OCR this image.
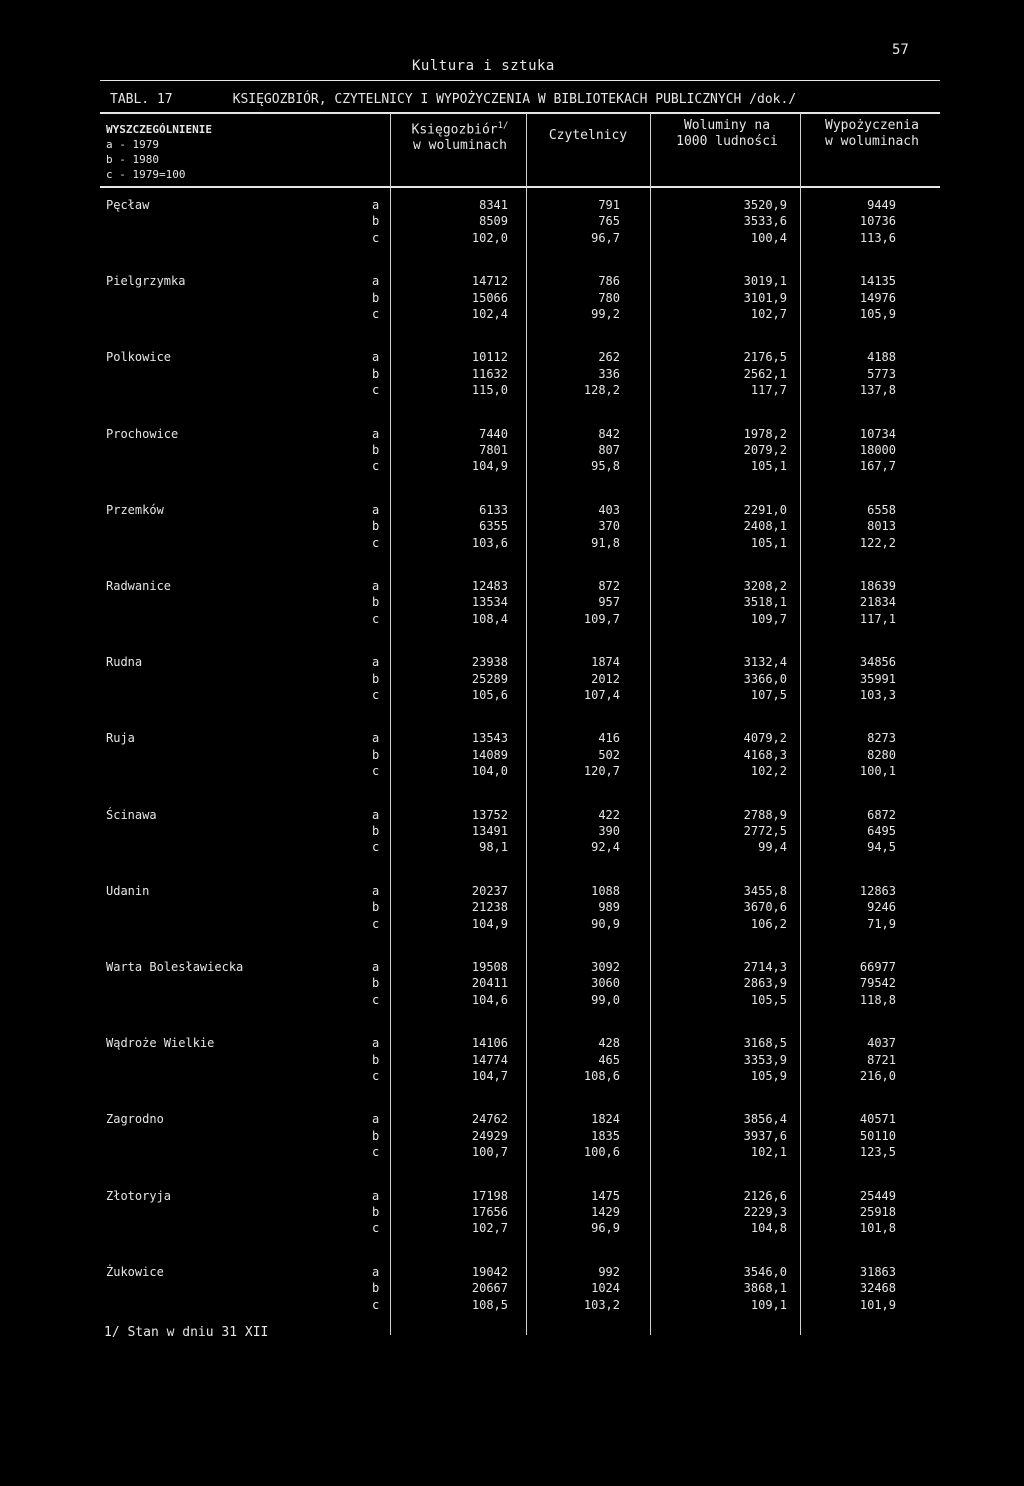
Kultura i sztuka
57
TABL. 17	KSIĘGOZBIÓR, CZYTELNICY I WYPOŻYCZENIA W BIBLIOTEKACH PUBLICZNYCH /dok./
WYSZCZEGÓLNIENIE
a - 1979
b - 1980
c - 1979=100
Księgozbiór$^{1/}$
w woluminach
Czytelnicy
Woluminy na
1000 ludności
Wypożyczenia
w woluminach
Pęcław	a	8341	791	3520,9	9449
b	8509	765	3533,6	10736
c	102,0	96,7	100,4	113,6
Pielgrzymka	a	14712	786	3019,1	14135
b	15066	780	3101,9	14976
c	102,4	99,2	102,7	105,9
Polkowice	a	10112	262	2176,5	4188
b	11632	336	2562,1	5773
c	115,0	128,2	117,7	137,8
Prochowice	a	7440	842	1978,2	10734
b	7801	807	2079,2	18000
c	104,9	95,8	105,1	167,7
Przemków	a	6133	403	2291,0	6558
b	6355	370	2408,1	8013
c	103,6	91,8	105,1	122,2
Radwanice	a	12483	872	3208,2	18639
b	13534	957	3518,1	21834
c	108,4	109,7	109,7	117,1
Rudna	a	23938	1874	3132,4	34856
b	25289	2012	3366,0	35991
c	105,6	107,4	107,5	103,3
Ruja	a	13543	416	4079,2	8273
b	14089	502	4168,3	8280
c	104,0	120,7	102,2	100,1
Ścinawa	a	13752	422	2788,9	6872
b	13491	390	2772,5	6495
c	98,1	92,4	99,4	94,5
Udanin	a	20237	1088	3455,8	12863
b	21238	989	3670,6	9246
c	104,9	90,9	106,2	71,9
Warta Bolesławiecka	a	19508	3092	2714,3	66977
b	20411	3060	2863,9	79542
c	104,6	99,0	105,5	118,8
Wądroże Wielkie	a	14106	428	3168,5	4037
b	14774	465	3353,9	8721
c	104,7	108,6	105,9	216,0
Zagrodno	a	24762	1824	3856,4	40571
b	24929	1835	3937,6	50110
c	100,7	100,6	102,1	123,5
Złotoryja	a	17198	1475	2126,6	25449
b	17656	1429	2229,3	25918
c	102,7	96,9	104,8	101,8
Żukowice	a	19042	992	3546,0	31863
b	20667	1024	3868,1	32468
c	108,5	103,2	109,1	101,9
1/ Stan w dniu 31 XII
